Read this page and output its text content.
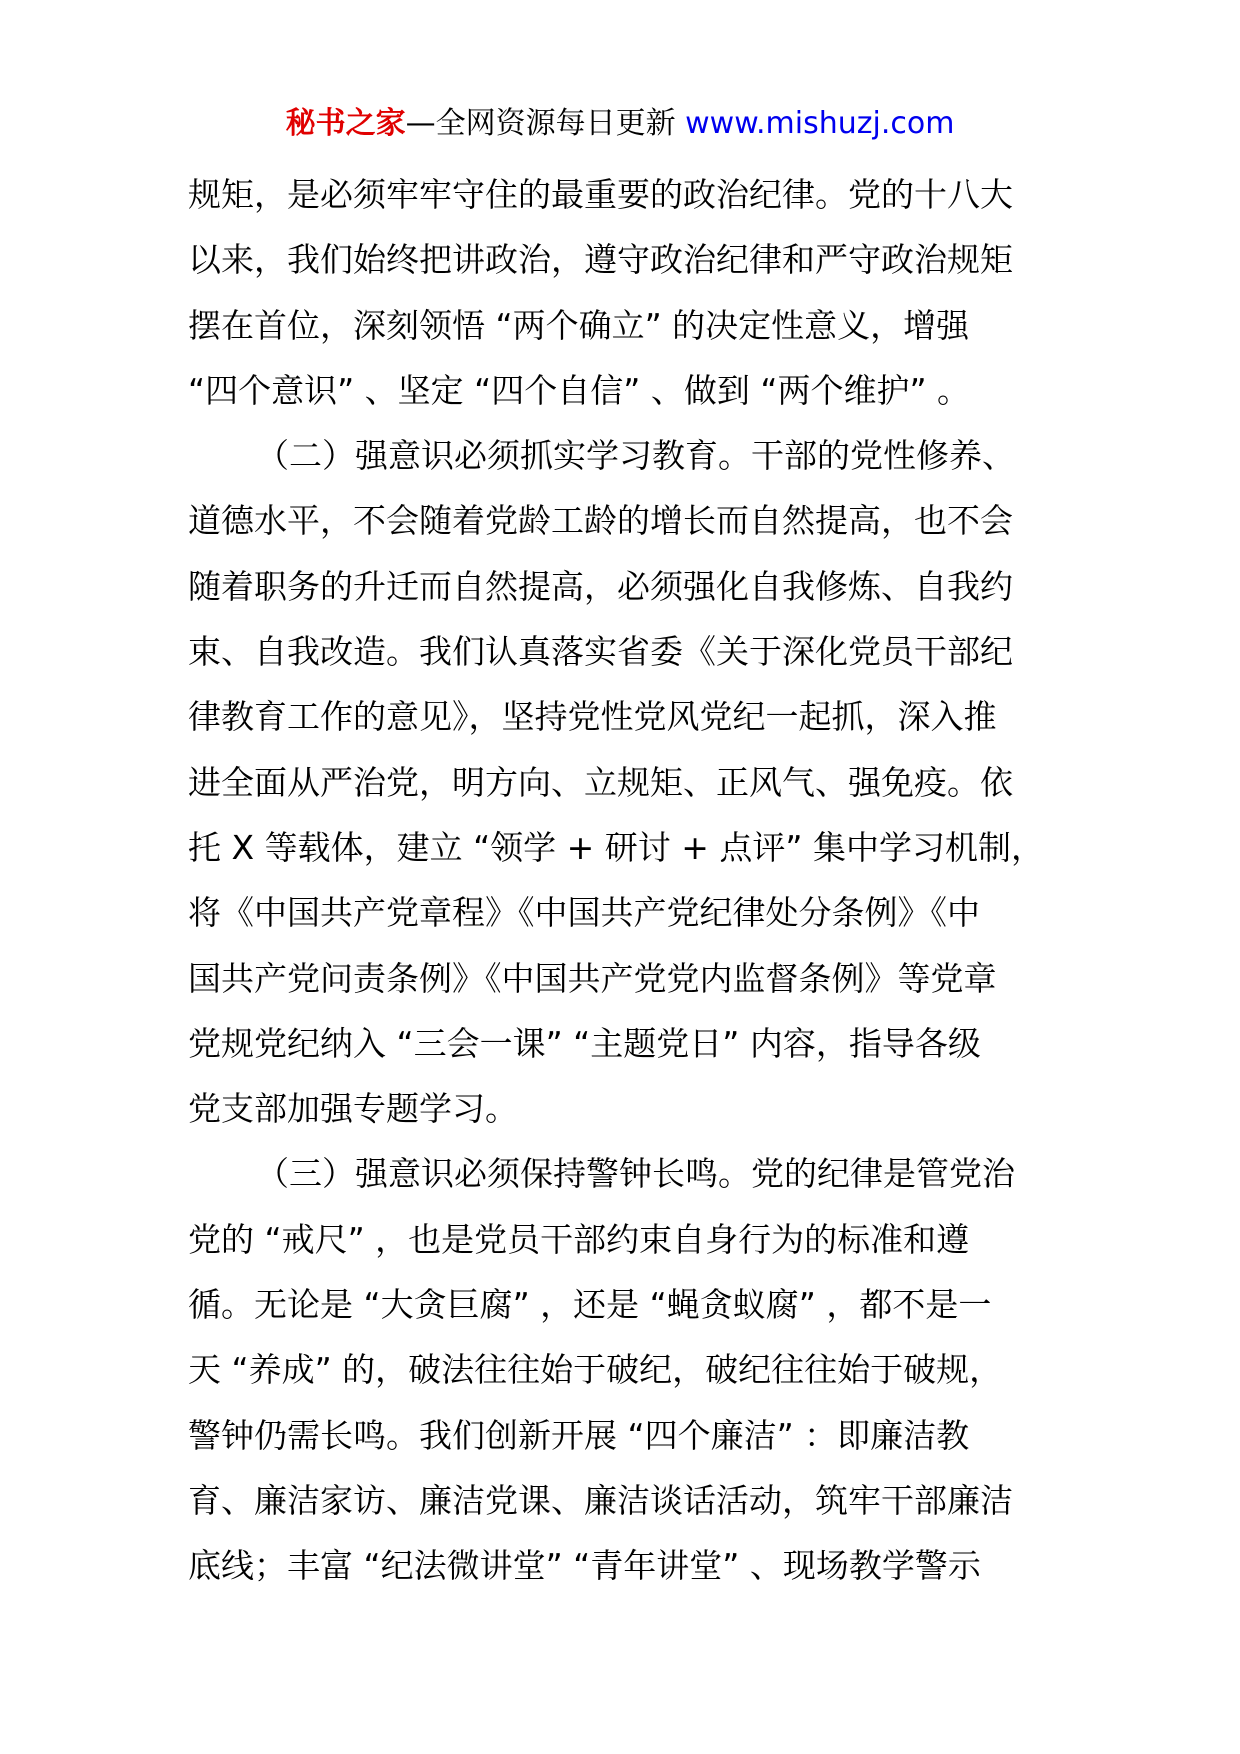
秘书之家—全网资源每日更新 www.mishuzj.com
规矩，是必须牢牢守住的最重要的政治纪律。党的十八大
以来，我们始终把讲政治，遵守政治纪律和严守政治规矩
摆在首位，深刻领悟 “两个确立” 的决定性意义，增强
“四个意识” 、坚定 “四个自信” 、做到 “两个维护” 。
（二）强意识必须抓实学习教育。干部的党性修养、
道德水平，不会随着党龄工龄的增长而自然提高，也不会
随着职务的升迁而自然提高，必须强化自我修炼、自我约
束、自我改造。我们认真落实省委《关于深化党员干部纪
律教育工作的意见》，坚持党性党风党纪一起抓，深入推
进全面从严治党，明方向、立规矩、正风气、强免疫。依
托 X 等载体，建立 “领学 + 研讨 + 点评” 集中学习机制，
将《中国共产党章程》《中国共产党纪律处分条例》《中
国共产党问责条例》《中国共产党党内监督条例》等党章
党规党纪纳入 “三会一课” “主题党日” 内容，指导各级
党支部加强专题学习。
（三）强意识必须保持警钟长鸣。党的纪律是管党治
党的 “戒尺” ，也是党员干部约束自身行为的标准和遵
循。无论是 “大贪巨腐” ，还是 “蝇贪蚁腐” ，都不是一
天 “养成” 的，破法往往始于破纪，破纪往往始于破规，
警钟仍需长鸣。我们创新开展 “四个廉洁” ：即廉洁教
育、廉洁家访、廉洁党课、廉洁谈话活动，筑牢干部廉洁
底线；丰富 “纪法微讲堂” “青年讲堂” 、现场教学警示
